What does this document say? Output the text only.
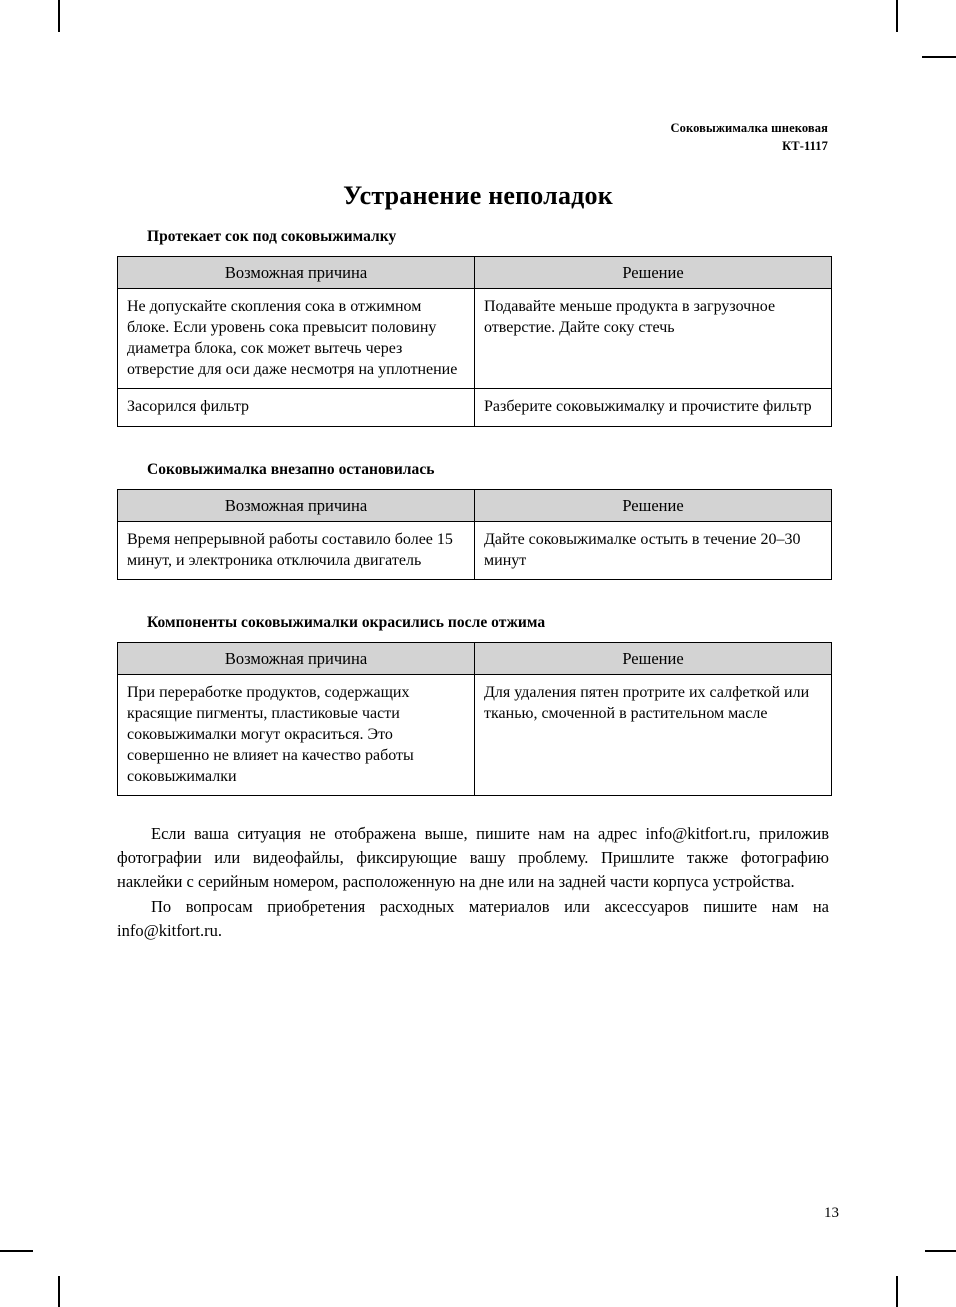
Соковыжималка шнековая
КТ-1117
Устранение неполадок
Протекает сок под соковыжималку
Возможная причина	Решение
Не допускайте скопления сока в отжимном блоке. Если уровень сока превысит половину диаметра блока, сок может вытечь через отверстие для оси даже несмотря на уплотнение	Подавайте меньше продукта в загрузочное отверстие. Дайте соку стечь
Засорился фильтр	Разберите соковыжималку и прочистите фильтр
Соковыжималка внезапно остановилась
Возможная причина	Решение
Время непрерывной работы составило более 15 минут, и электроника отключила двигатель	Дайте соковыжималке остыть в течение 20–30 минут
Компоненты соковыжималки окрасились после отжима
Возможная причина	Решение
При переработке продуктов, содержащих красящие пигменты, пластиковые части соковыжималки могут окраситься. Это совершенно не влияет на качество работы соковыжималки	Для удаления пятен протрите их салфеткой или тканью, смоченной в растительном масле

Если ваша ситуация не отображена выше, пишите нам на адрес info@kitfort.ru, приложив фотографии или видеофайлы, фиксирующие вашу проблему. Пришлите также фотографию наклейки с серийным номером, расположенную на дне или на задней части корпуса устройства.

По вопросам приобретения расходных материалов или аксессуаров пишите нам на info@kitfort.ru.

13
